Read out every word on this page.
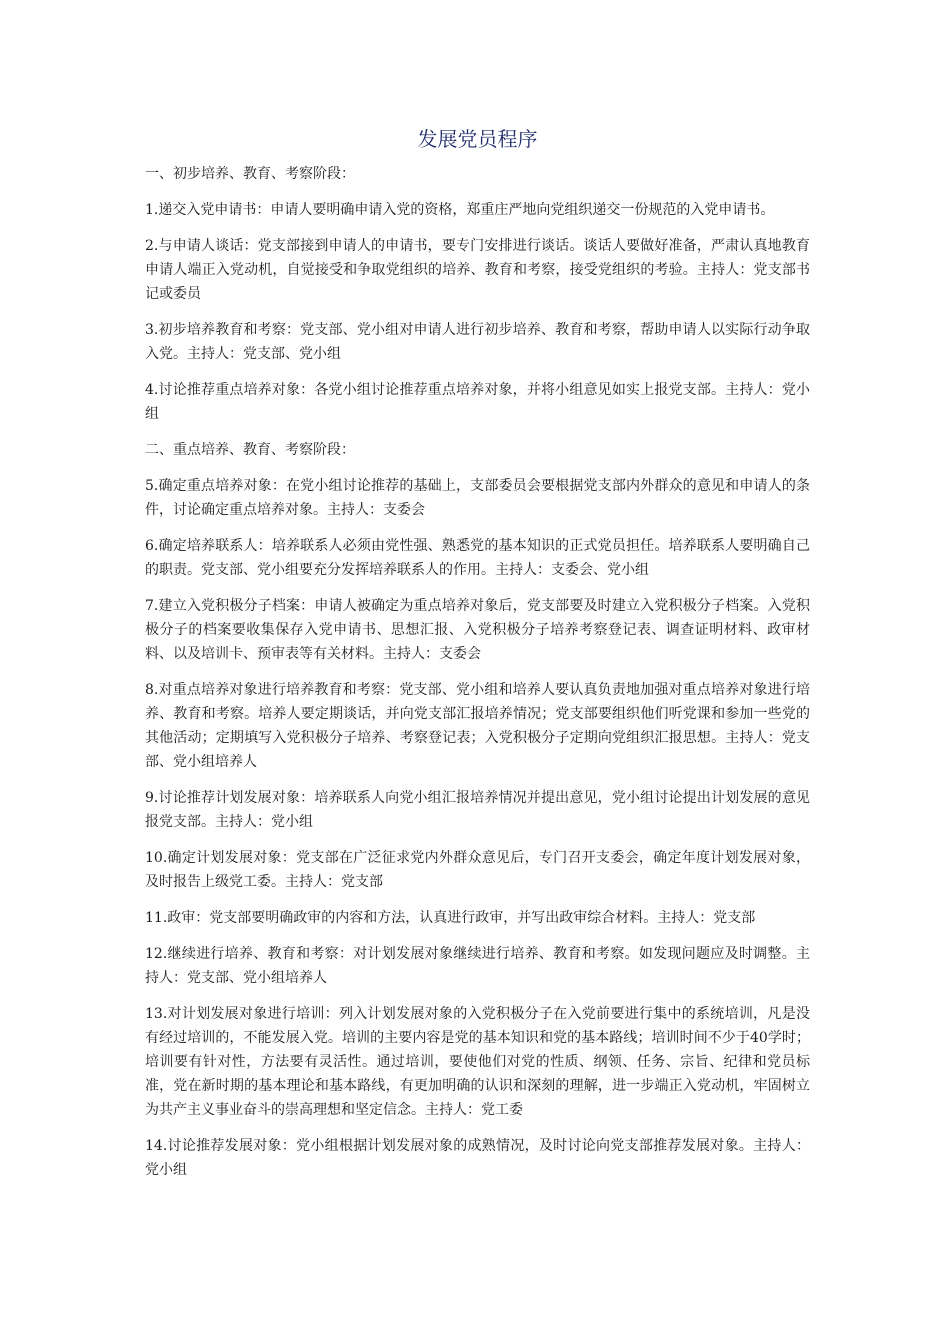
发展党员程序

一、初步培养、教育、考察阶段：

1.递交入党申请书：申请人要明确申请入党的资格，郑重庄严地向党组织递交一份规范的入党申请书。

2.与申请人谈话：党支部接到申请人的申请书，要专门安排进行谈话。谈话人要做好准备，严肃认真地教育申请人端正入党动机，自觉接受和争取党组织的培养、教育和考察，接受党组织的考验。主持人：党支部书记或委员

3.初步培养教育和考察：党支部、党小组对申请人进行初步培养、教育和考察，帮助申请人以实际行动争取入党。主持人：党支部、党小组

4.讨论推荐重点培养对象：各党小组讨论推荐重点培养对象，并将小组意见如实上报党支部。主持人：党小组

二、重点培养、教育、考察阶段：

5.确定重点培养对象：在党小组讨论推荐的基础上，支部委员会要根据党支部内外群众的意见和申请人的条件，讨论确定重点培养对象。主持人：支委会

6.确定培养联系人：培养联系人必须由党性强、熟悉党的基本知识的正式党员担任。培养联系人要明确自己的职责。党支部、党小组要充分发挥培养联系人的作用。主持人：支委会、党小组

7.建立入党积极分子档案：申请人被确定为重点培养对象后，党支部要及时建立入党积极分子档案。入党积极分子的档案要收集保存入党申请书、思想汇报、入党积极分子培养考察登记表、调查证明材料、政审材料、以及培训卡、预审表等有关材料。主持人：支委会

8.对重点培养对象进行培养教育和考察：党支部、党小组和培养人要认真负责地加强对重点培养对象进行培养、教育和考察。培养人要定期谈话，并向党支部汇报培养情况；党支部要组织他们听党课和参加一些党的其他活动；定期填写入党积极分子培养、考察登记表；入党积极分子定期向党组织汇报思想。主持人：党支部、党小组培养人

9.讨论推荐计划发展对象：培养联系人向党小组汇报培养情况并提出意见，党小组讨论提出计划发展的意见报党支部。主持人：党小组

10.确定计划发展对象：党支部在广泛征求党内外群众意见后，专门召开支委会，确定年度计划发展对象，及时报告上级党工委。主持人：党支部

11.政审：党支部要明确政审的内容和方法，认真进行政审，并写出政审综合材料。主持人：党支部

12.继续进行培养、教育和考察：对计划发展对象继续进行培养、教育和考察。如发现问题应及时调整。主持人：党支部、党小组培养人

13.对计划发展对象进行培训：列入计划发展对象的入党积极分子在入党前要进行集中的系统培训，凡是没有经过培训的，不能发展入党。培训的主要内容是党的基本知识和党的基本路线；培训时间不少于40学时；培训要有针对性，方法要有灵活性。通过培训，要使他们对党的性质、纲领、任务、宗旨、纪律和党员标准，党在新时期的基本理论和基本路线，有更加明确的认识和深刻的理解，进一步端正入党动机，牢固树立为共产主义事业奋斗的崇高理想和坚定信念。主持人：党工委

14.讨论推荐发展对象：党小组根据计划发展对象的成熟情况，及时讨论向党支部推荐发展对象。主持人：党小组
